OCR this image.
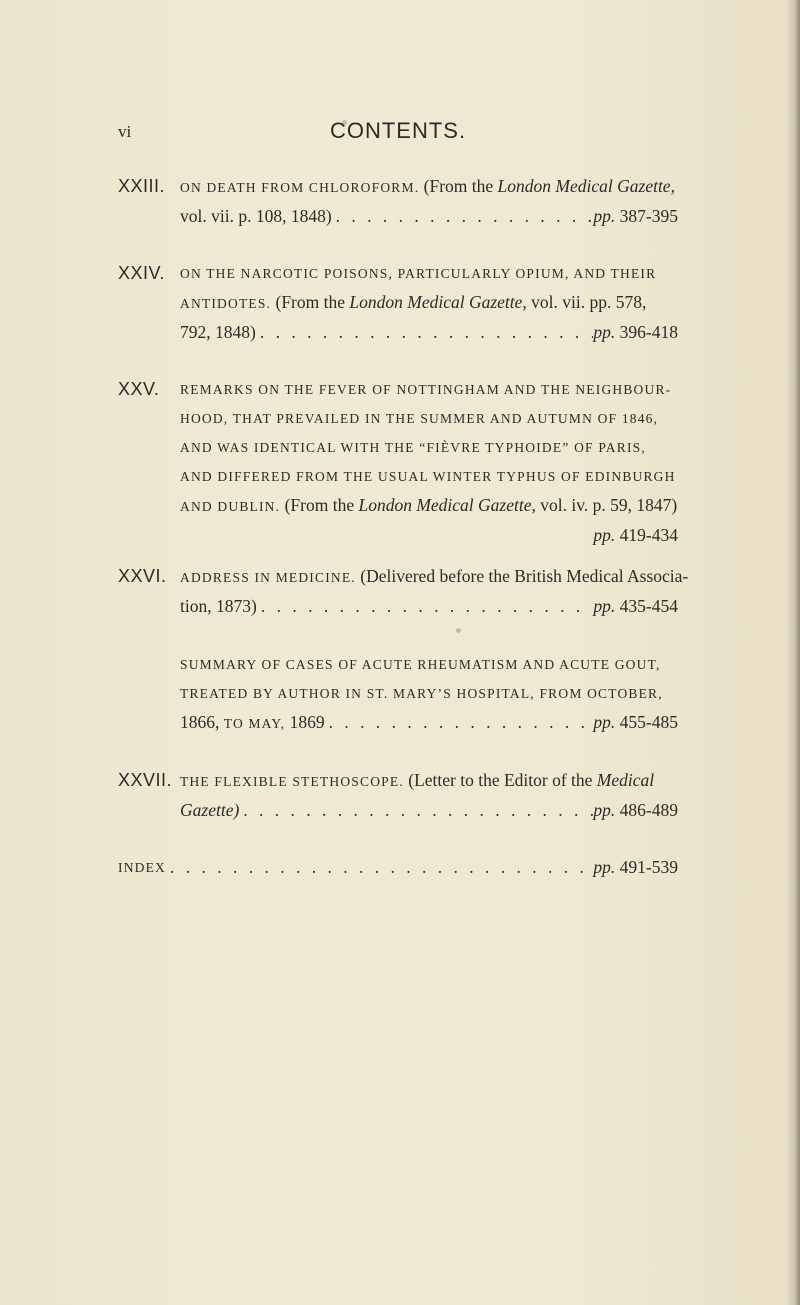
vi	CONTENTS.
XXIII. ON DEATH FROM CHLOROFORM. (From the London Medical Gazette,
vol. vii. p. 108, 1848) . . .	pp. 387-395
XXIV. ON THE NARCOTIC POISONS, PARTICULARLY OPIUM, AND THEIR
ANTIDOTES. (From the London Medical Gazette, vol. vii. pp. 578,
792, 1848) . . .	pp. 396-418
XXV. REMARKS ON THE FEVER OF NOTTINGHAM AND THE NEIGHBOUR-
HOOD, THAT PREVAILED IN THE SUMMER AND AUTUMN OF 1846,
AND WAS IDENTICAL WITH THE “FIÈVRE TYPHOIDE” OF PARIS,
AND DIFFERED FROM THE USUAL WINTER TYPHUS OF EDINBURGH
AND DUBLIN. (From the London Medical Gazette, vol. iv. p. 59, 1847)
pp. 419-434
XXVI. ADDRESS IN MEDICINE. (Delivered before the British Medical Associa-
tion, 1873) . . .	pp. 435-454
SUMMARY OF CASES OF ACUTE RHEUMATISM AND ACUTE GOUT,
TREATED BY AUTHOR IN ST. MARY’S HOSPITAL, FROM OCTOBER,
1866, TO MAY, 1869 . . .	pp. 455-485
XXVII. THE FLEXIBLE STETHOSCOPE. (Letter to the Editor of the Medical
Gazette) . . .	pp. 486-489
INDEX . . .	pp. 491-539
